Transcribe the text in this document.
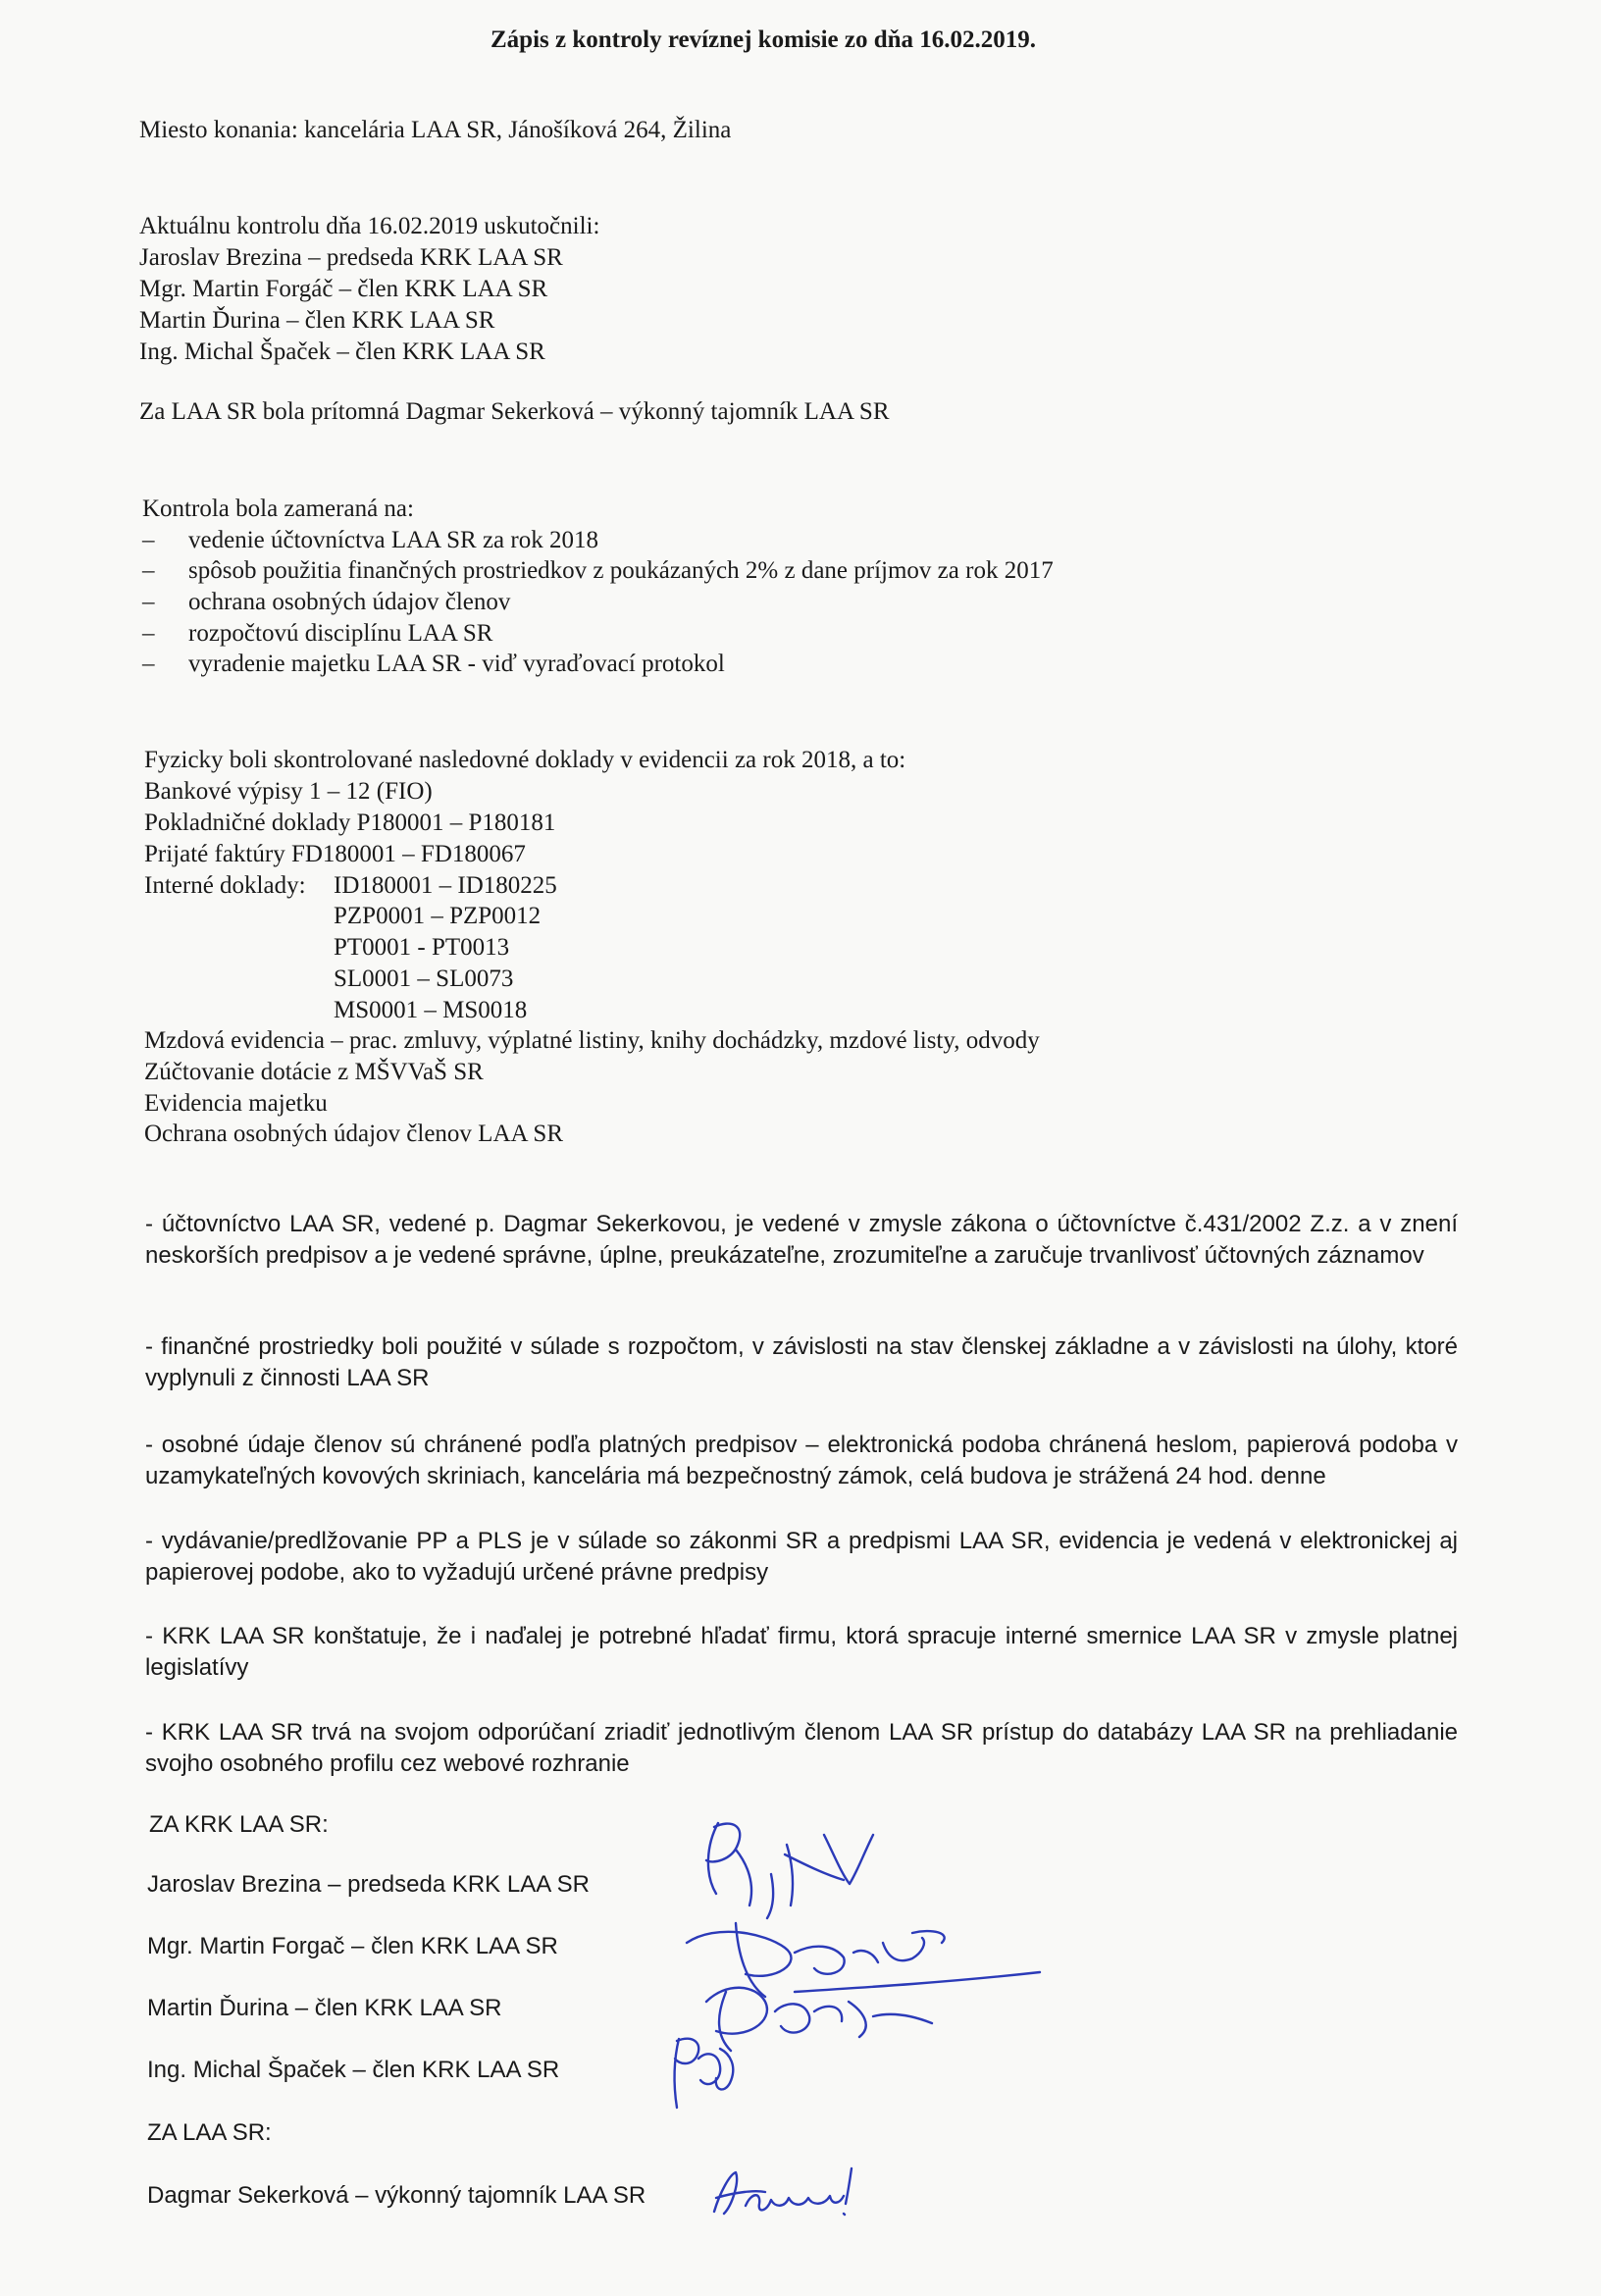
Zápis z kontroly revíznej komisie zo dňa 16.02.2019.
Miesto konania: kancelária LAA SR, Jánošíková 264, Žilina
Aktuálnu kontrolu dňa 16.02.2019 uskutočnili:
Jaroslav Brezina – predseda KRK LAA SR
Mgr. Martin Forgáč – člen KRK LAA SR
Martin Ďurina – člen KRK LAA SR
Ing. Michal Špaček – člen KRK LAA SR
Za LAA SR bola prítomná Dagmar Sekerková – výkonný tajomník LAA SR
Kontrola bola zameraná na:
– vedenie účtovníctva LAA SR za rok 2018
– spôsob použitia finančných prostriedkov z poukázaných 2% z dane príjmov za rok 2017
– ochrana osobných údajov členov
– rozpočtovú disciplínu LAA SR
– vyradenie majetku LAA SR - viď vyraďovací protokol
Fyzicky boli skontrolované nasledovné doklady v evidencii za rok 2018, a to:
Bankové výpisy 1 – 12 (FIO)
Pokladničné doklady P180001 – P180181
Prijaté faktúry FD180001 – FD180067
Interné doklady: ID180001 – ID180225
PZP0001 – PZP0012
PT0001 - PT0013
SL0001 – SL0073
MS0001 – MS0018
Mzdová evidencia – prac. zmluvy, výplatné listiny, knihy dochádzky, mzdové listy, odvody
Zúčtovanie dotácie z MŠVVaŠ SR
Evidencia majetku
Ochrana osobných údajov členov LAA SR
- účtovníctvo LAA SR, vedené p. Dagmar Sekerkovou, je vedené v zmysle zákona o účtovníctve č.431/2002 Z.z. a v znení neskorších predpisov a je vedené správne, úplne, preukázateľne, zrozumiteľne a zaručuje trvanlivosť účtovných záznamov
- finančné prostriedky boli použité v súlade s rozpočtom, v závislosti na stav členskej základne a v závislosti na úlohy, ktoré vyplynuli z činnosti LAA SR
- osobné údaje členov sú chránené podľa platných predpisov – elektronická podoba chránená heslom, papierová podoba v uzamykateľných kovových skriniach, kancelária má bezpečnostný zámok, celá budova je strážená 24 hod. denne
- vydávanie/predlžovanie PP a PLS je v súlade so zákonmi SR a predpismi LAA SR, evidencia je vedená v elektronickej aj papierovej podobe, ako to vyžadujú určené právne predpisy
- KRK LAA SR konštatuje, že i naďalej je potrebné hľadať firmu, ktorá spracuje interné smernice LAA SR v zmysle platnej legislatívy
- KRK LAA SR trvá na svojom odporúčaní zriadiť jednotlivým členom LAA SR prístup do databázy LAA SR na prehliadanie svojho osobného profilu cez webové rozhranie
ZA KRK LAA SR:
Jaroslav Brezina – predseda KRK LAA SR
Mgr. Martin Forgač – člen KRK LAA SR
Martin Ďurina – člen KRK LAA SR
Ing. Michal Špaček – člen KRK LAA SR
ZA LAA SR:
Dagmar Sekerková – výkonný tajomník LAA SR
